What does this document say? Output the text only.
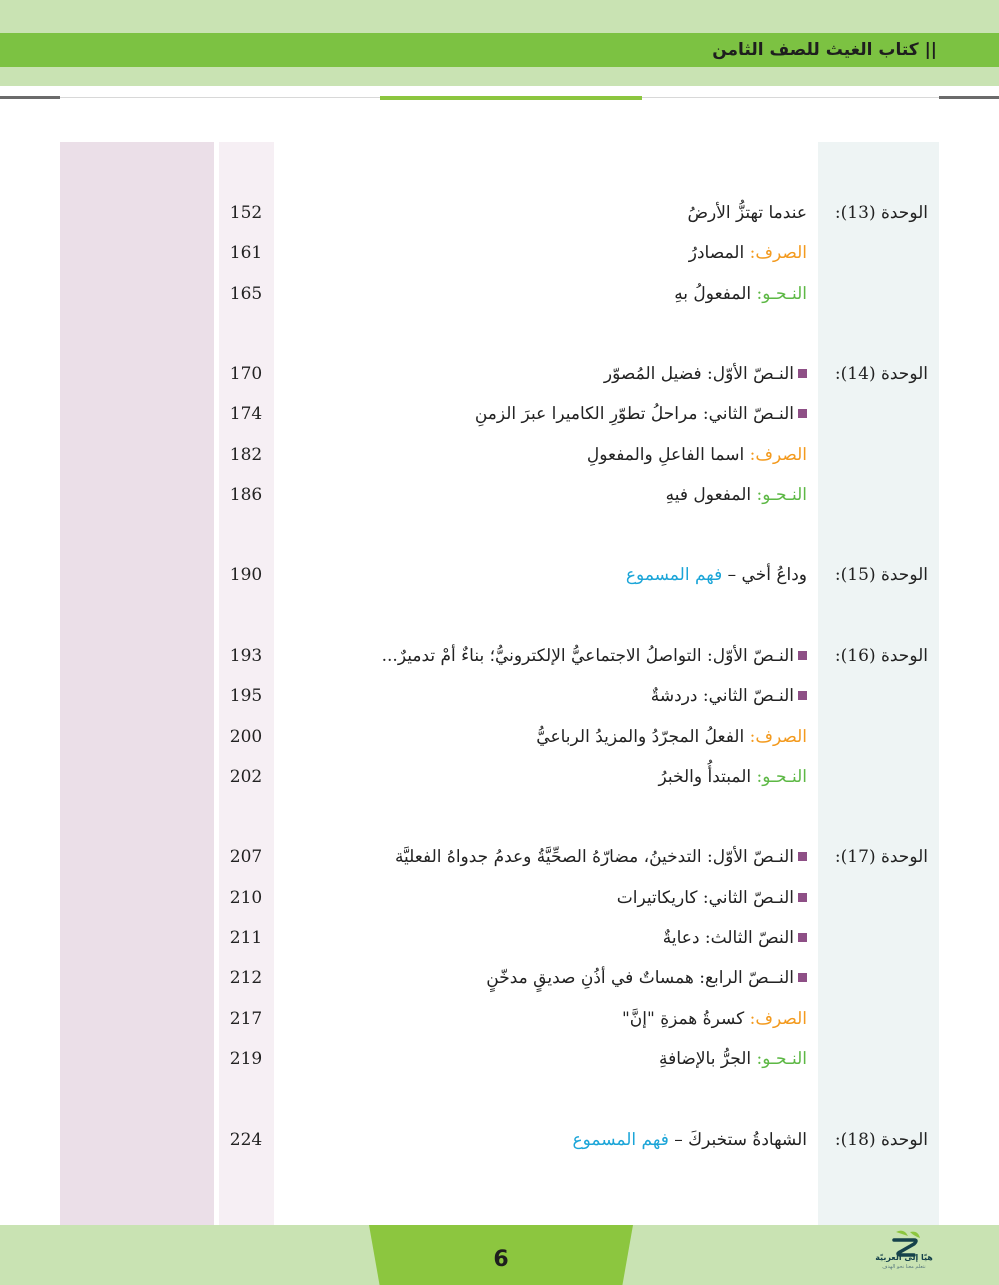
|| كتاب الغيث للصف الثامن
الوحدة (13):
عندما تهتزُّ الأرضُ
152
الصرف: المصادرُ
161
النـحـو: المفعولُ بهِ
165
الوحدة (14):
النـصّ الأوّل: فضيل المُصوّر
170
النـصّ الثاني: مراحلُ تطوّرِ الكاميرا عبرَ الزمنِ
174
الصرف: اسما الفاعلِ والمفعولِ
182
النـحـو: المفعول فيهِ
186
الوحدة (15):
وداعُ أخي – فهم المسموع
190
الوحدة (16):
النـصّ الأوّل: التواصلُ الاجتماعيُّ الإلكترونيُّ؛ بناءٌ أمْ تدميرٌ...
193
النـصّ الثاني: دردشةٌ
195
الصرف: الفعلُ المجرّدُ والمزيدُ الرباعيُّ
200
النـحـو: المبتدأُ والخبرُ
202
الوحدة (17):
النـصّ الأوّل: التدخينُ، مضارّهُ الصحِّيَّةُ وعدمُ جدواهُ الفعليَّة
207
النـصّ الثاني: كاريكاتيرات
210
النصّ الثالث: دعايةٌ
211
النــصّ الرابع: همساتٌ في أذُنِ صديقٍ مدخّنٍ
212
الصرف: كسرةُ همزةِ "إنَّ"
217
النـحـو: الجرُّ بالإضافةِ
219
الوحدة (18):
الشهادةُ ستخبركَ – فهم المسموع
224
6	هيّا إلى العربيّة
نتعلم معنا نحو الهدف
